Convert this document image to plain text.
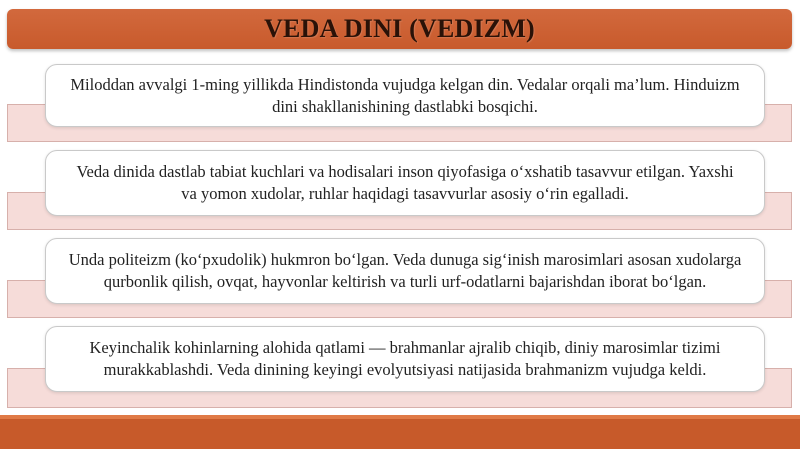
VEDA DINI (VEDIZM)
Miloddan avvalgi 1-ming yillikda Hindistonda vujudga kelgan din. Vedalar orqali ma’lum. Hinduizm dini shakllanishining dastlabki bosqichi.
Veda dinida dastlab tabiat kuchlari va hodisalari inson qiyofasiga o‘xshatib tasavvur etilgan. Yaxshi va yomon xudolar, ruhlar haqidagi tasavvurlar asosiy o‘rin egalladi.
Unda politeizm (ko‘pxudolik) hukmron bo‘lgan. Veda dunuga sig‘inish marosimlari asosan xudolarga qurbonlik qilish, ovqat, hayvonlar keltirish va turli urf-odatlarni bajarishdan iborat bo‘lgan.
Keyinchalik kohinlarning alohida qatlami — brahmanlar ajralib chiqib, diniy marosimlar tizimi murakkablashdi. Veda dinining keyingi evolyutsiyasi natijasida brahmanizm vujudga keldi.
